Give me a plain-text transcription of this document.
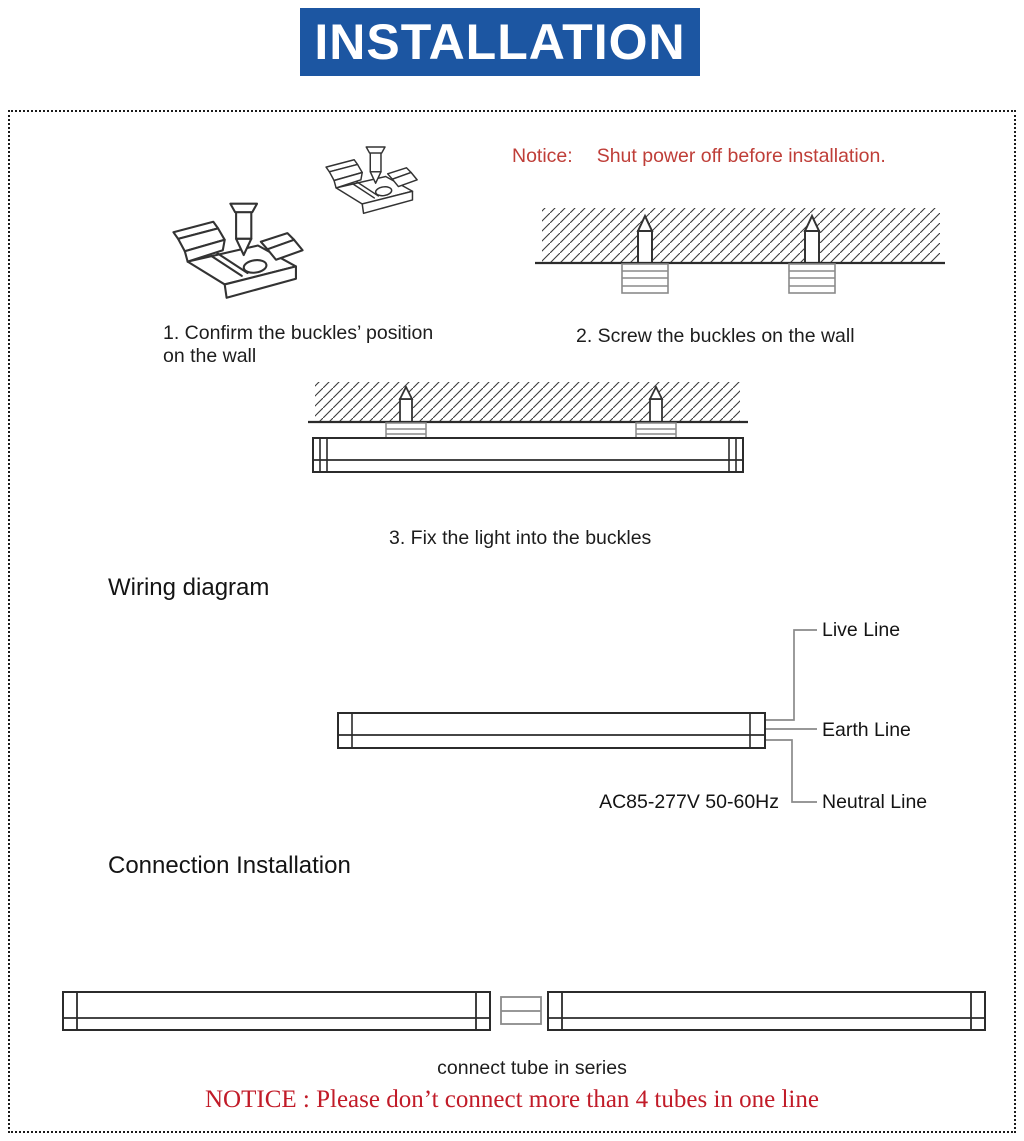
INSTALLATION
Notice: Shut power off before installation.
1. Confirm the buckles’ position
on the wall
2. Screw the buckles on the wall
3. Fix the light into the buckles
Wiring diagram
Live Line
Earth Line
Neutral Line
AC85-277V 50-60Hz
Connection Installation
connect tube in series
NOTICE : Please don’t connect more than 4 tubes in one line
